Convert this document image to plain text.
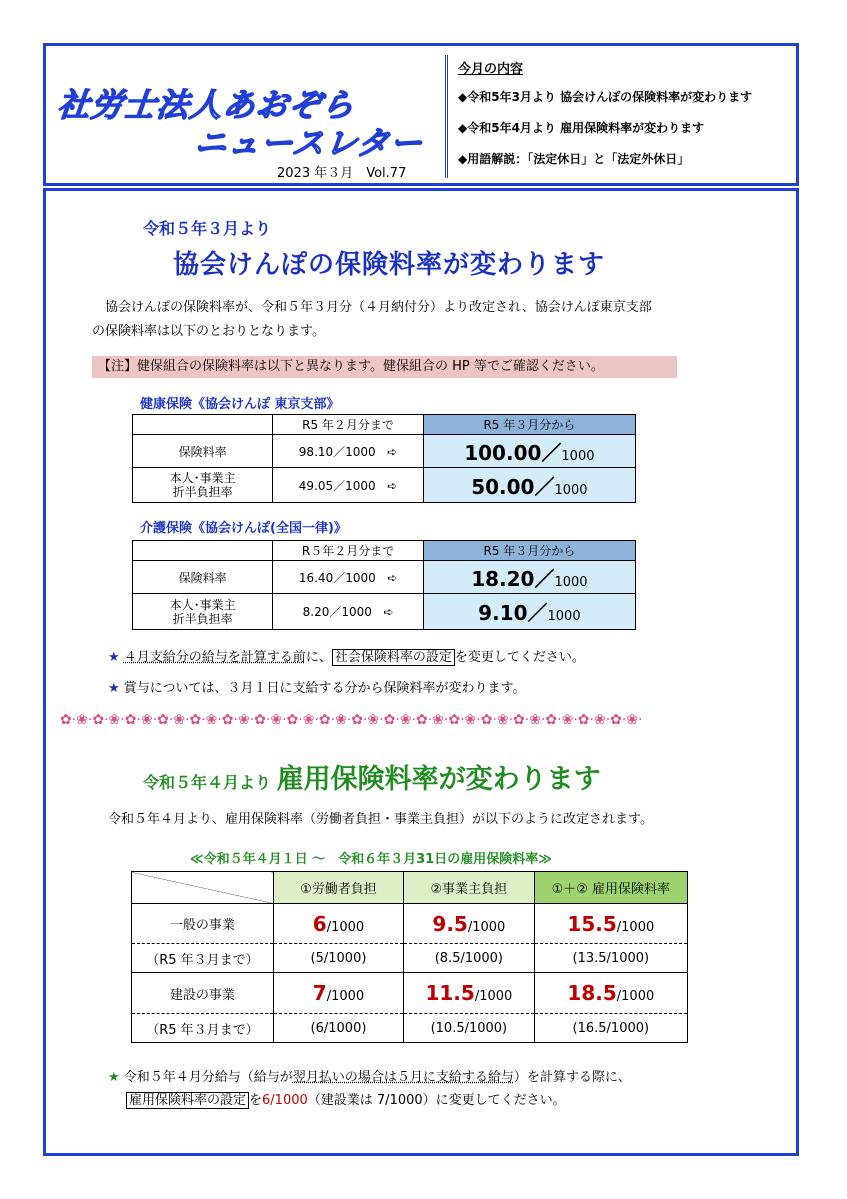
社労士法人あおぞら
ニュースレター
2023 年３月　Vol.77
今月の内容
◆令和5年3月より 協会けんぽの保険料率が変わります
◆令和5年4月より 雇用保険料率が変わります
◆用語解説：「法定休日」と「法定外休日」
令和５年３月より
協会けんぽの保険料率が変わります
協会けんぽの保険料率が、令和５年３月分（４月納付分）より改定され、協会けんぽ東京支部
の保険料率は以下のとおりとなります。
【注】健保組合の保険料率は以下と異なります。健保組合の HP 等でご確認ください。
健康保険《協会けんぽ 東京支部》
	R5 年２月分まで	R5 年３月分から
保険料率	98.10／1000 ➪	100.00／1000
本人･事業主
折半負担率	49.05／1000 ➪	50.00／1000
介護保険《協会けんぽ(全国一律)》
	R５年２月分まで	R5 年３月分から
保険料率	16.40／1000 ➪	18.20／1000
本人･事業主
折半負担率	8.20／1000 ➪	9.10／1000
★ ４月支給分の給与を計算する前に、 社会保険料率の設定 を変更してください。
★ 賞与については、３月１日に支給する分から保険料率が変わります。
✿·❀·✿·❀·✿·❀·✿·❀·✿·❀·✿·❀·✿·❀·✿·❀·✿·❀·✿·❀·✿·❀·✿·❀·✿·❀·✿·❀·✿·❀·✿·❀·✿·❀·✿·❀·
令和５年４月より 雇用保険料率が変わります
令和５年４月より、雇用保険料率（労働者負担・事業主負担）が以下のように改定されます。
≪令和５年４月１日 ～　令和６年３月31日の雇用保険料率≫
	①労働者負担	②事業主負担	①＋② 雇用保険料率
一般の事業	6/1000	9.5/1000	15.5/1000
（R5 年３月まで）	(5/1000)	(8.5/1000)	(13.5/1000)
建設の事業	7/1000	11.5/1000	18.5/1000
（R5 年３月まで）	(6/1000)	(10.5/1000)	(16.5/1000)
★ 令和５年４月分給与（給与が翌月払いの場合は５月に支給する給与）を計算する際に、
雇用保険料率の設定 を6/1000（建設業は 7/1000）に変更してください。
